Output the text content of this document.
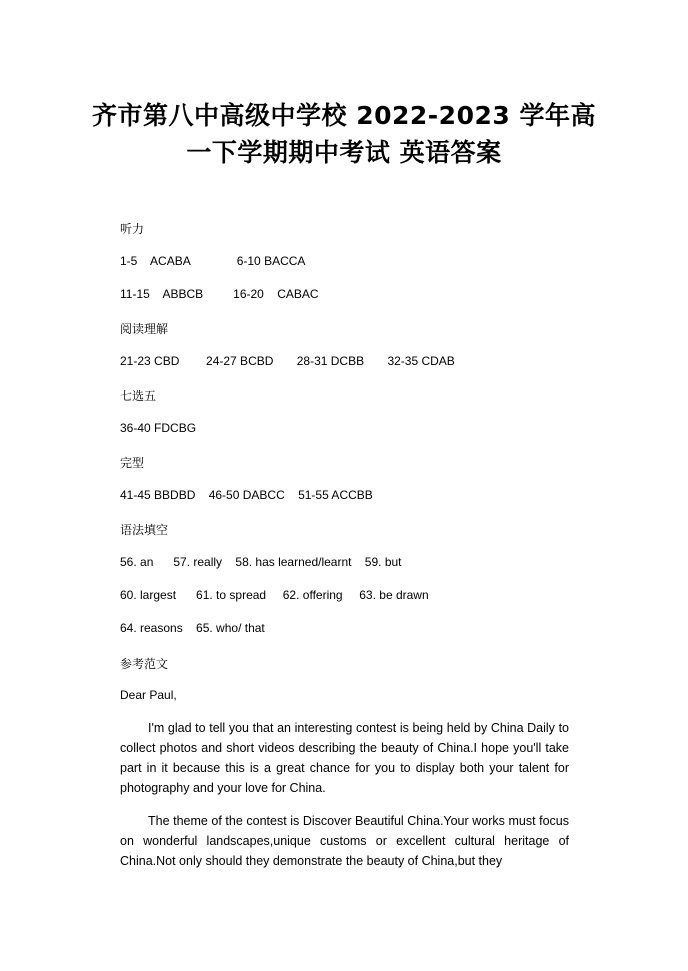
齐市第八中高级中学校 2022-2023 学年高
一下学期期中考试 英语答案
听力
1-5    ACABA              6-10 BACCA
11-15    ABBCB         16-20    CABAC
阅读理解
21-23 CBD        24-27 BCBD       28-31 DCBB       32-35 CDAB
七选五
36-40 FDCBG
完型
41-45 BBDBD    46-50 DABCC    51-55 ACCBB
语法填空
56. an      57. really    58. has learned/learnt    59. but
60. largest      61. to spread     62. offering     63. be drawn
64. reasons    65. who/ that
参考范文
Dear Paul,
I'm glad to tell you that an interesting contest is being held by China Daily to collect photos and short videos describing the beauty of China.I hope you'll take part in it because this is a great chance for you to display both your talent for photography and your love for China.
The theme of the contest is Discover Beautiful China.Your works must focus on wonderful landscapes,unique customs or excellent cultural heritage of China.Not only should they demonstrate the beauty of China,but they
